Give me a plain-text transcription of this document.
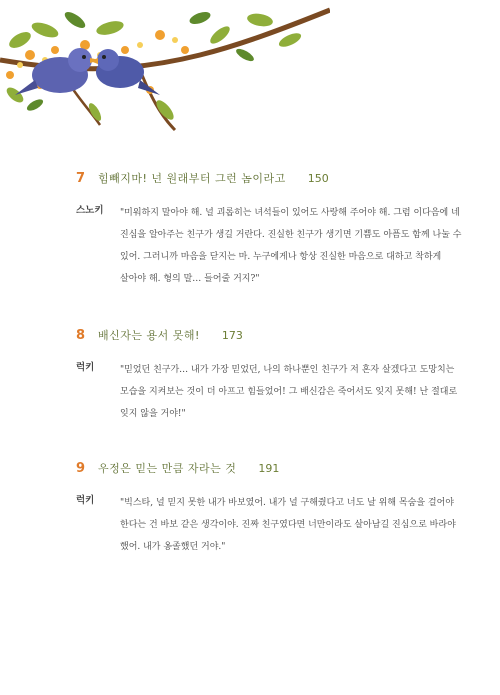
7	힘빼지마! 넌 원래부터 그런 놈이라고 150
스노키	"미워하지 말아야 해. 널 괴롭히는 녀석들이 있어도 사랑해 주어야 해. 그럼 이다음에 네 진심을 알아주는 친구가 생길 거란다. 진실한 친구가 생기면 기쁨도 아픔도 함께 나눌 수 있어. 그러니까 마음을 닫지는 마. 누구에게나 항상 진실한 마음으로 대하고 착하게 살아야 해. 형의 말… 들어줄 거지?"
8	배신자는 용서 못해! 173
럭키	"믿었던 친구가… 내가 가장 믿었던, 나의 하나뿐인 친구가 저 혼자 살겠다고 도망치는 모습을 지켜보는 것이 더 아프고 힘들었어! 그 배신감은 죽어서도 잊지 못해! 난 절대로 잊지 않을 거야!"
9	우정은 믿는 만큼 자라는 것 191
럭키	"빅스타, 널 믿지 못한 내가 바보였어. 내가 널 구해줬다고 너도 날 위해 목숨을 걸어야 한다는 건 바보 같은 생각이야. 진짜 친구였다면 너만이라도 살아남길 진심으로 바라야 했어. 내가 옹졸했던 거야."
